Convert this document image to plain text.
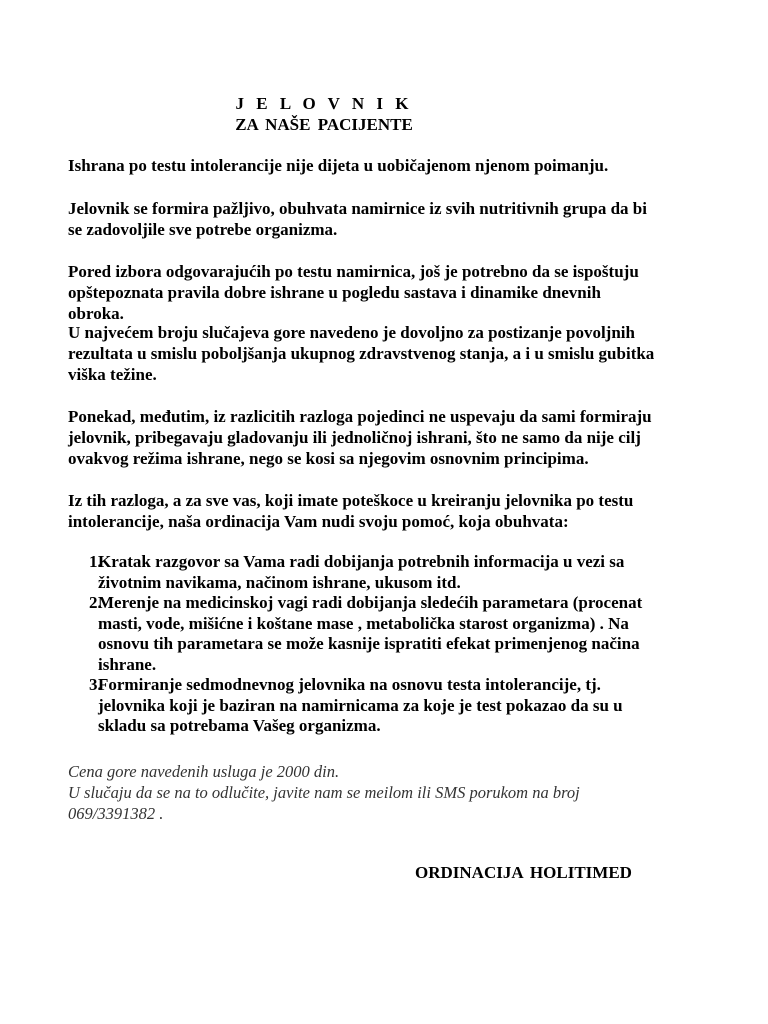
J E L O V N I K
ZA NAŠE PACIJENTE

Ishrana po testu intolerancije nije dijeta u uobičajenom njenom poimanju.

Jelovnik se formira pažljivo, obuhvata namirnice iz svih nutritivnih grupa da bi se zadovoljile sve potrebe organizma.

Pored izbora odgovarajućih po testu namirnica, još je potrebno da se ispoštuju opštepoznata pravila dobre ishrane u pogledu sastava i dinamike dnevnih obroka.

U najvećem broju slučajeva gore navedeno je dovoljno za postizanje povoljnih rezultata u smislu poboljšanja ukupnog zdravstvenog stanja, a i u smislu gubitka viška težine.

Ponekad, međutim, iz razlicitih razloga pojedinci ne uspevaju da sami formiraju jelovnik, pribegavaju gladovanju ili jednoličnoj ishrani, što ne samo da nije cilj ovakvog režima ishrane, nego se kosi sa njegovim osnovnim principima.

Iz tih razloga, a za sve vas, koji imate poteškoce u kreiranju jelovnika po testu intolerancije, naša ordinacija Vam nudi svoju pomoć, koja obuhvata:

1.
Kratak razgovor sa Vama radi dobijanja potrebnih informacija u vezi sa životnim navikama, načinom ishrane, ukusom itd.
2.
Merenje na medicinskoj vagi radi dobijanja sledećih parametara (procenat masti, vode, mišićne i koštane mase , metabolička starost organizma) . Na osnovu tih parametara se može kasnije ispratiti efekat primenjenog načina ishrane.
3.
Formiranje sedmodnevnog jelovnika na osnovu testa intolerancije, tj. jelovnika koji je baziran na namirnicama za koje je test pokazao da su u skladu sa potrebama Vašeg organizma.

Cena gore navedenih usluga je 2000 din.

U slučaju da se na to odlučite, javite nam se meilom ili SMS porukom na broj 069/3391382 .

ORDINACIJA HOLITIMED
